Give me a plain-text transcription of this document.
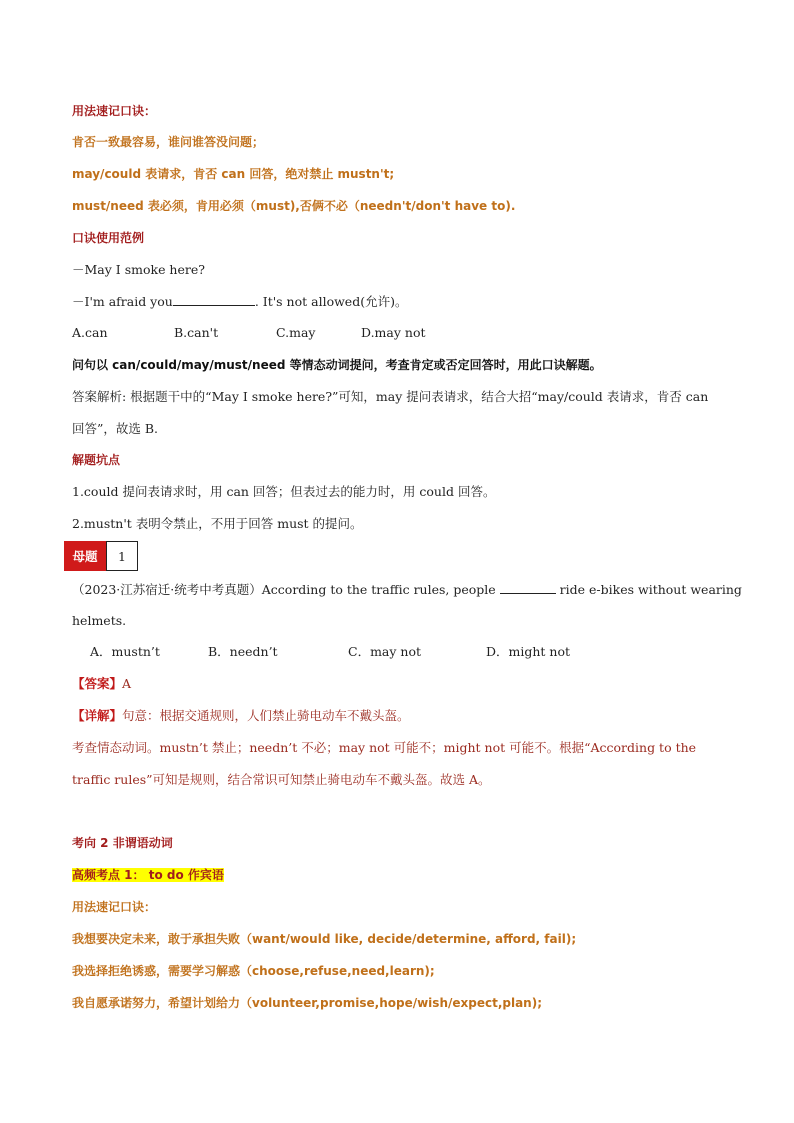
用法速记口诀：
肯否一致最容易，谁问谁答没问题；
may/could 表请求，肯否 can 回答，绝对禁止 mustn't;
must/need 表必须，肯用必须（must),否俩不必（needn't/don't have to).
口诀使用范例
－May I smoke here?
－I'm afraid you	. It's not allowed(允许)。
A.can	B.can't	C.may	D.may not
问句以 can/could/may/must/need 等情态动词提问，考查肯定或否定回答时，用此口诀解题。
答案解析: 根据题干中的“May I smoke here?”可知，may 提问表请求，结合大招“may/could 表请求，肯否 can
回答”，故选 B.
解题坑点
1.could 提问表请求时，用 can 回答；但表过去的能力时，用 could 回答。
2.mustn't 表明令禁止，不用于回答 must 的提问。
母题	1
（2023·江苏宿迁·统考中考真题）According to the traffic rules, people	ride e-bikes without wearing
helmets.
A．mustn’t	B．needn’t	C．may not	D．might not
【答案】A
【详解】句意：根据交通规则，人们禁止骑电动车不戴头盔。
考查情态动词。mustn’t 禁止；needn’t 不必；may not 可能不；might not 可能不。根据“According to the
traffic rules”可知是规则，结合常识可知禁止骑电动车不戴头盔。故选 A。
考向 2 非谓语动词
高频考点 1： to do 作宾语
用法速记口诀：
我想要决定未来，敢于承担失败（want/would like, decide/determine, afford, fail);
我选择拒绝诱惑，需要学习解惑（choose,refuse,need,learn);
我自愿承诺努力，希望计划给力（volunteer,promise,hope/wish/expect,plan);
